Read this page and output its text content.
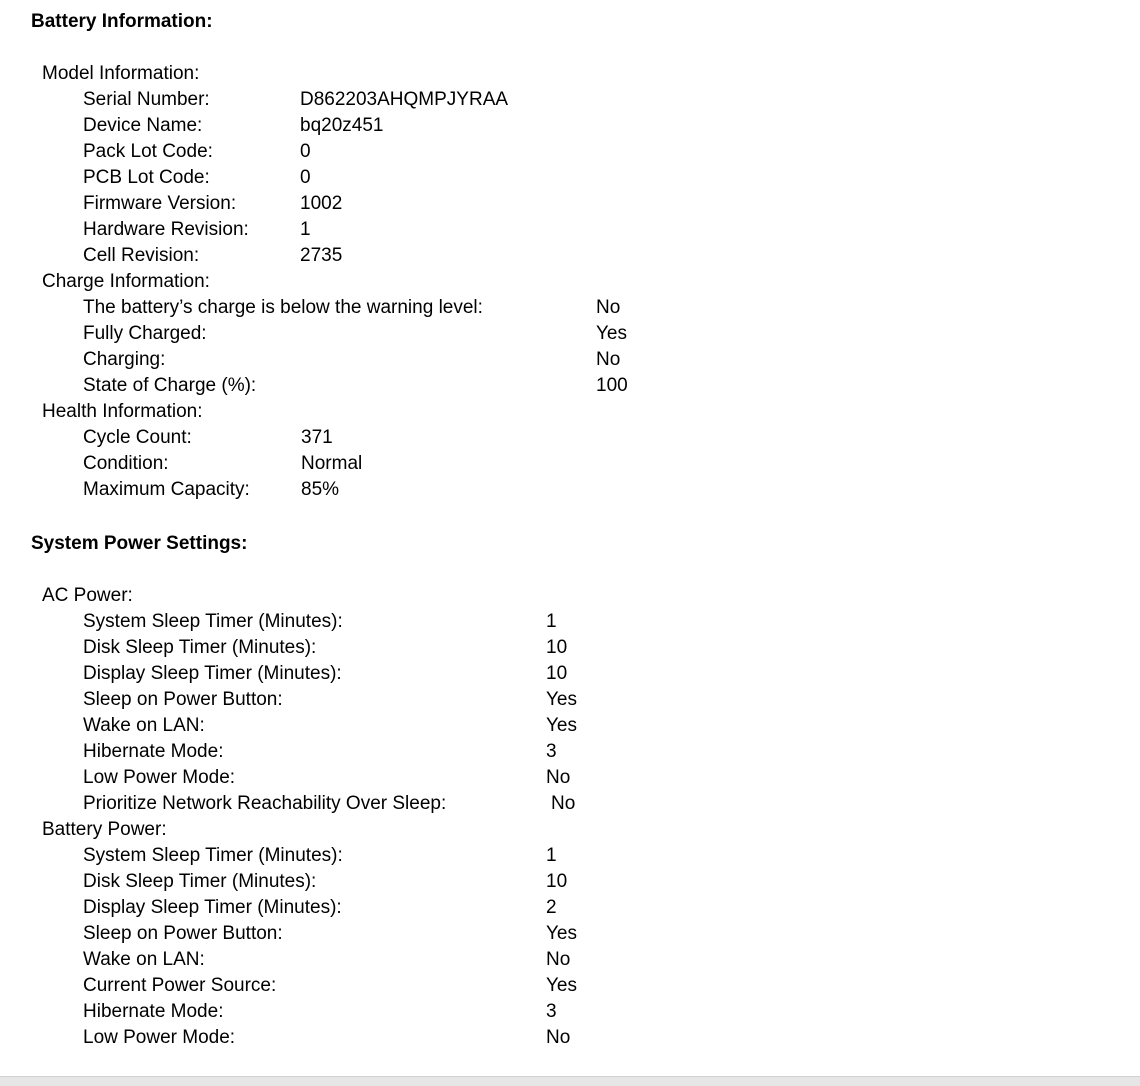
Battery Information:
Model Information:
Serial Number:	D862203AHQMPJYRAA
Device Name:	bq20z451
Pack Lot Code:	0
PCB Lot Code:	0
Firmware Version:	1002
Hardware Revision:	1
Cell Revision:	2735
Charge Information:
The battery’s charge is below the warning level:	No
Fully Charged:	Yes
Charging:	No
State of Charge (%):	100
Health Information:
Cycle Count:	371
Condition:	Normal
Maximum Capacity:	85%
System Power Settings:
AC Power:
System Sleep Timer (Minutes):	1
Disk Sleep Timer (Minutes):	10
Display Sleep Timer (Minutes):	10
Sleep on Power Button:	Yes
Wake on LAN:	Yes
Hibernate Mode:	3
Low Power Mode:	No
Prioritize Network Reachability Over Sleep:	No
Battery Power:
System Sleep Timer (Minutes):	1
Disk Sleep Timer (Minutes):	10
Display Sleep Timer (Minutes):	2
Sleep on Power Button:	Yes
Wake on LAN:	No
Current Power Source:	Yes
Hibernate Mode:	3
Low Power Mode:	No
